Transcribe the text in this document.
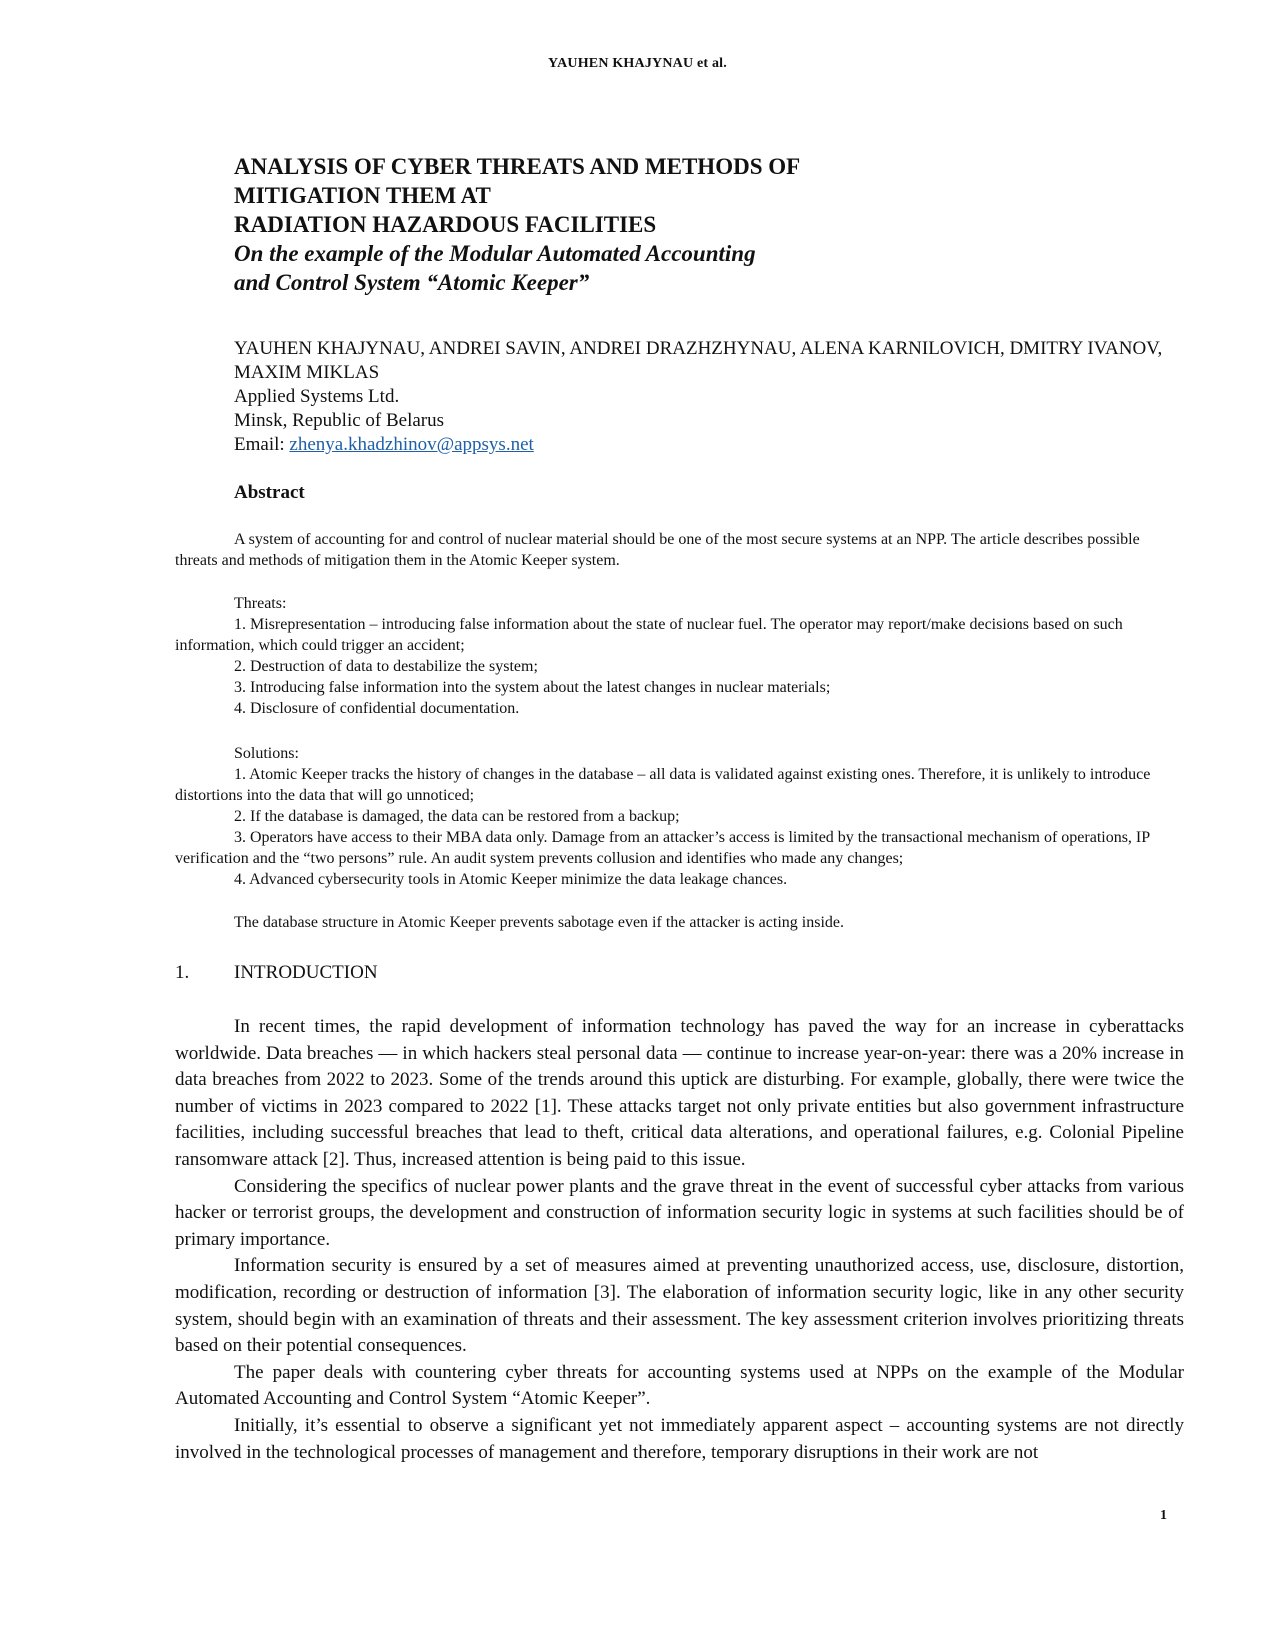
YAUHEN KHAJYNAU et al.
ANALYSIS OF CYBER THREATS AND METHODS OF
MITIGATION THEM AT
RADIATION HAZARDOUS FACILITIES
On the example of the Modular Automated Accounting
and Control System “Atomic Keeper”
YAUHEN KHAJYNAU, ANDREI SAVIN, ANDREI DRAZHZHYNAU, ALENA KARNILOVICH, DMITRY IVANOV, MAXIM MIKLAS
Applied Systems Ltd.
Minsk, Republic of Belarus
Email: zhenya.khadzhinov@appsys.net
Abstract

A system of accounting for and control of nuclear material should be one of the most secure systems at an NPP. The article describes possible threats and methods of mitigation them in the Atomic Keeper system.

Threats:

1. Misrepresentation – introducing false information about the state of nuclear fuel. The operator may report/make decisions based on such information, which could trigger an accident;

2. Destruction of data to destabilize the system;

3. Introducing false information into the system about the latest changes in nuclear materials;

4. Disclosure of confidential documentation.

Solutions:

1. Atomic Keeper tracks the history of changes in the database – all data is validated against existing ones. Therefore, it is unlikely to introduce distortions into the data that will go unnoticed;

2. If the database is damaged, the data can be restored from a backup;

3. Operators have access to their MBA data only. Damage from an attacker’s access is limited by the transactional mechanism of operations, IP verification and the “two persons” rule. An audit system prevents collusion and identifies who made any changes;

4. Advanced cybersecurity tools in Atomic Keeper minimize the data leakage chances.

The database structure in Atomic Keeper prevents sabotage even if the attacker is acting inside.

1. INTRODUCTION

In recent times, the rapid development of information technology has paved the way for an increase in cyberattacks worldwide. Data breaches — in which hackers steal personal data — continue to increase year-on-year: there was a 20% increase in data breaches from 2022 to 2023. Some of the trends around this uptick are disturbing. For example, globally, there were twice the number of victims in 2023 compared to 2022 [1]. These attacks target not only private entities but also government infrastructure facilities, including successful breaches that lead to theft, critical data alterations, and operational failures, e.g. Colonial Pipeline ransomware attack [2]. Thus, increased attention is being paid to this issue.

Considering the specifics of nuclear power plants and the grave threat in the event of successful cyber attacks from various hacker or terrorist groups, the development and construction of information security logic in systems at such facilities should be of primary importance.

Information security is ensured by a set of measures aimed at preventing unauthorized access, use, disclosure, distortion, modification, recording or destruction of information [3]. The elaboration of information security logic, like in any other security system, should begin with an examination of threats and their assessment. The key assessment criterion involves prioritizing threats based on their potential consequences.

The paper deals with countering cyber threats for accounting systems used at NPPs on the example of the Modular Automated Accounting and Control System “Atomic Keeper”.

Initially, it’s essential to observe a significant yet not immediately apparent aspect – accounting systems are not directly involved in the technological processes of management and therefore, temporary disruptions in their work are not

1
